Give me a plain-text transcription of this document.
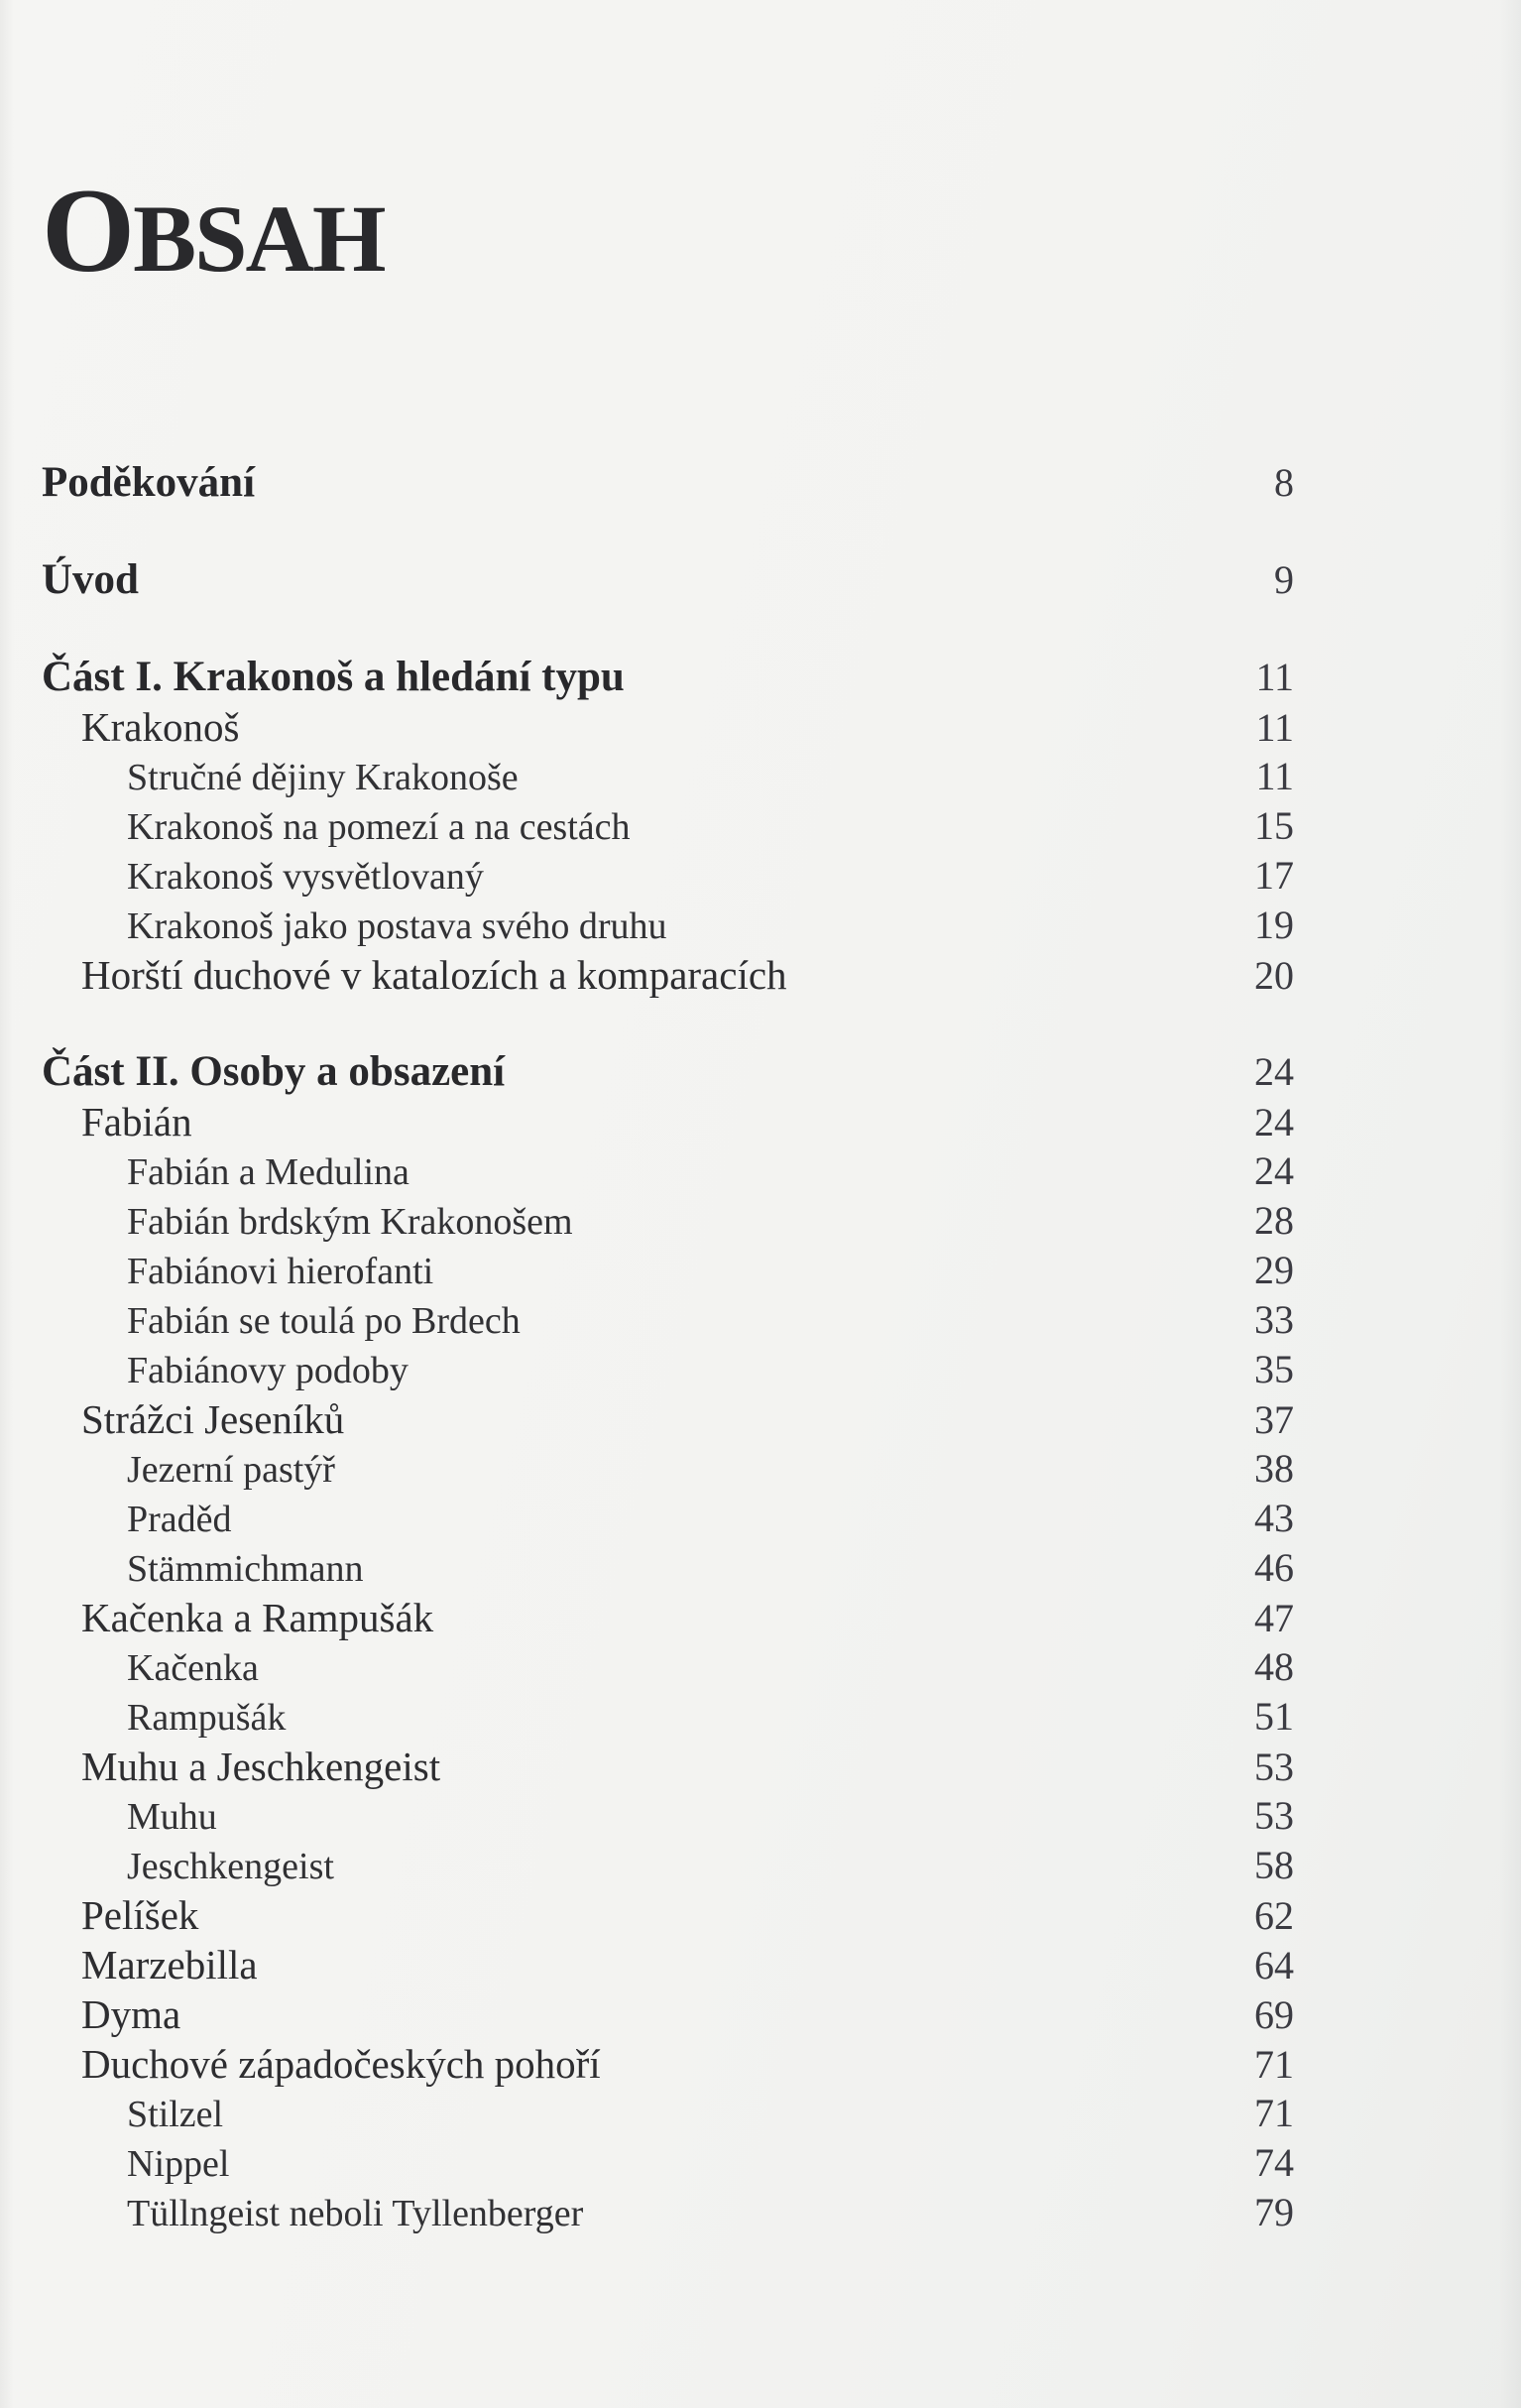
OBSAH
Poděkování	8
Úvod	9
Část I. Krakonoš a hledání typu	11
Krakonoš	11
Stručné dějiny Krakonoše	11
Krakonoš na pomezí a na cestách	15
Krakonoš vysvětlovaný	17
Krakonoš jako postava svého druhu	19
Horští duchové v katalozích a komparacích	20
Část II. Osoby a obsazení	24
Fabián	24
Fabián a Medulina	24
Fabián brdským Krakonošem	28
Fabiánovi hierofanti	29
Fabián se toulá po Brdech	33
Fabiánovy podoby	35
Strážci Jeseníků	37
Jezerní pastýř	38
Praděd	43
Stämmichmann	46
Kačenka a Rampušák	47
Kačenka	48
Rampušák	51
Muhu a Jeschkengeist	53
Muhu	53
Jeschkengeist	58
Pelíšek	62
Marzebilla	64
Dyma	69
Duchové západočeských pohoří	71
Stilzel	71
Nippel	74
Tüllngeist neboli Tyllenberger	79
